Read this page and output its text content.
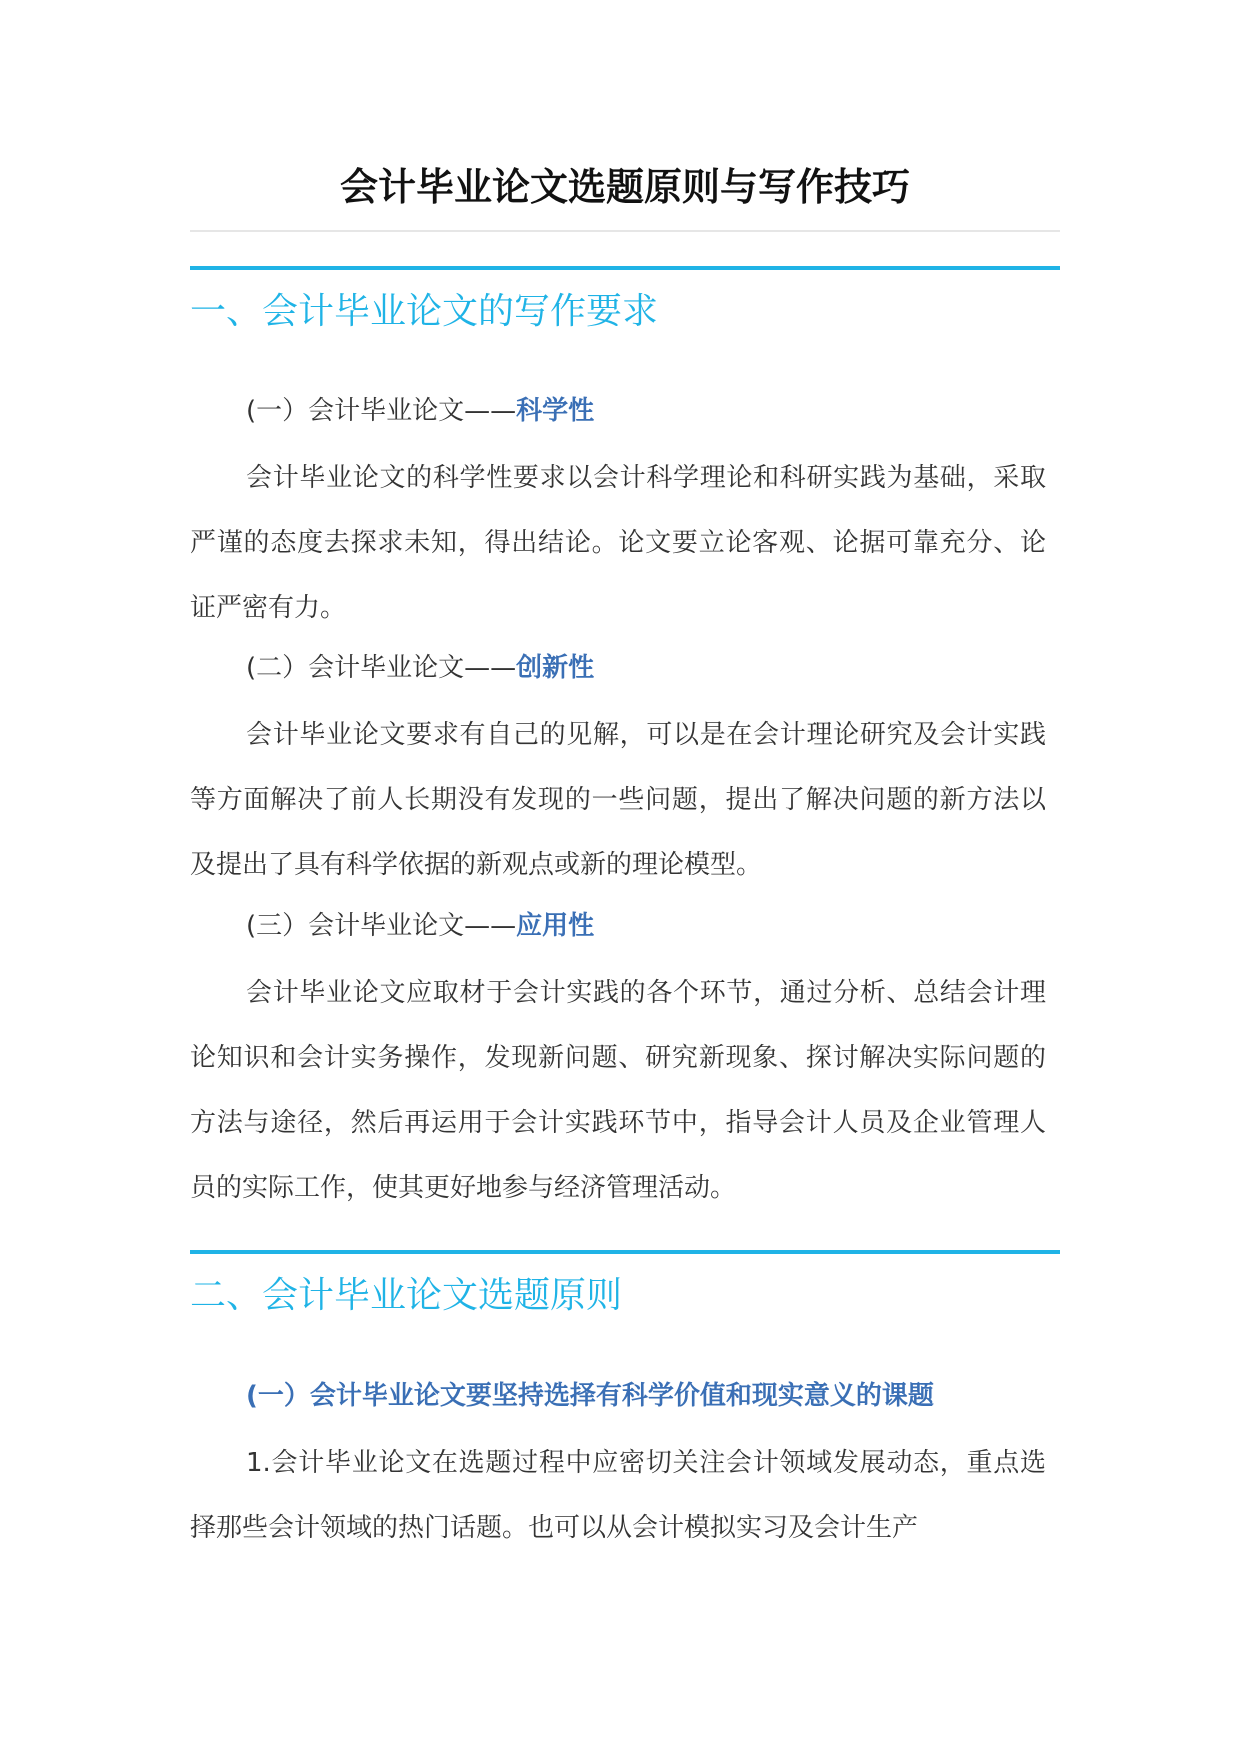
会计毕业论文选题原则与写作技巧
一、会计毕业论文的写作要求
(一）会计毕业论文——科学性

会计毕业论文的科学性要求以会计科学理论和科研实践为基础，采取严谨的态度去探求未知，得出结论。论文要立论客观、论据可靠充分、论证严密有力。

(二）会计毕业论文——创新性

会计毕业论文要求有自己的见解，可以是在会计理论研究及会计实践等方面解决了前人长期没有发现的一些问题，提出了解决问题的新方法以及提出了具有科学依据的新观点或新的理论模型。

(三）会计毕业论文——应用性

会计毕业论文应取材于会计实践的各个环节，通过分析、总结会计理论知识和会计实务操作，发现新问题、研究新现象、探讨解决实际问题的方法与途径，然后再运用于会计实践环节中，指导会计人员及企业管理人员的实际工作，使其更好地参与经济管理活动。

二、会计毕业论文选题原则
(一）会计毕业论文要坚持选择有科学价值和现实意义的课题

1.会计毕业论文在选题过程中应密切关注会计领域发展动态，重点选择那些会计领域的热门话题。也可以从会计模拟实习及会计生产
